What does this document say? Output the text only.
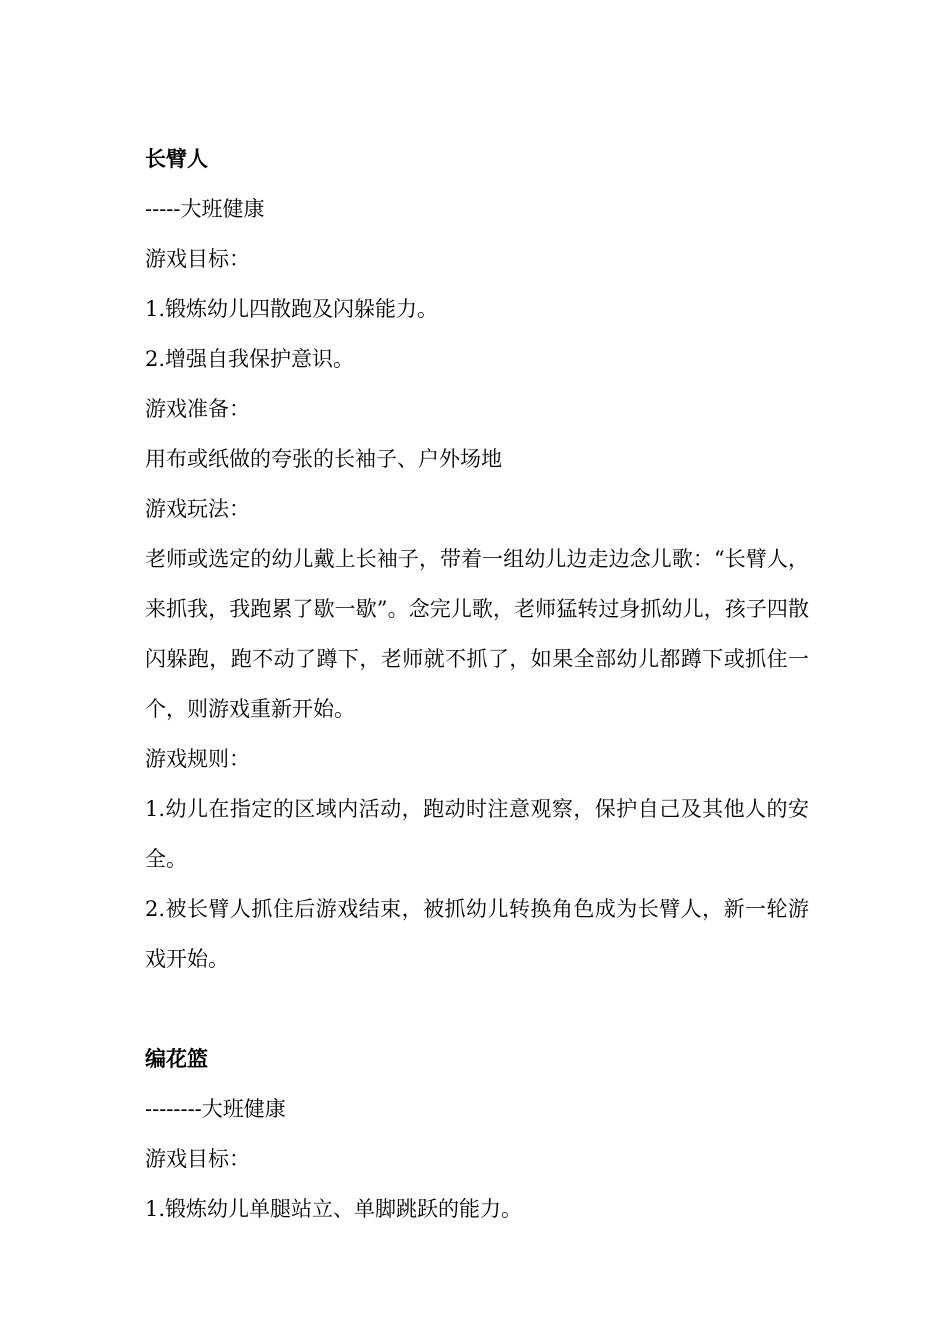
长臂人

-----大班健康

游戏目标：

1.锻炼幼儿四散跑及闪躲能力。

2.增强自我保护意识。

游戏准备：

用布或纸做的夸张的长袖子、户外场地

游戏玩法：

老师或选定的幼儿戴上长袖子，带着一组幼儿边走边念儿歌：“长臂人，来抓我，我跑累了歇一歇”。念完儿歌，老师猛转过身抓幼儿，孩子四散闪躲跑，跑不动了蹲下，老师就不抓了，如果全部幼儿都蹲下或抓住一个，则游戏重新开始。

游戏规则：

1.幼儿在指定的区域内活动，跑动时注意观察，保护自己及其他人的安全。

2.被长臂人抓住后游戏结束，被抓幼儿转换角色成为长臂人，新一轮游戏开始。

编花篮

--------大班健康

游戏目标：

1.锻炼幼儿单腿站立、单脚跳跃的能力。
